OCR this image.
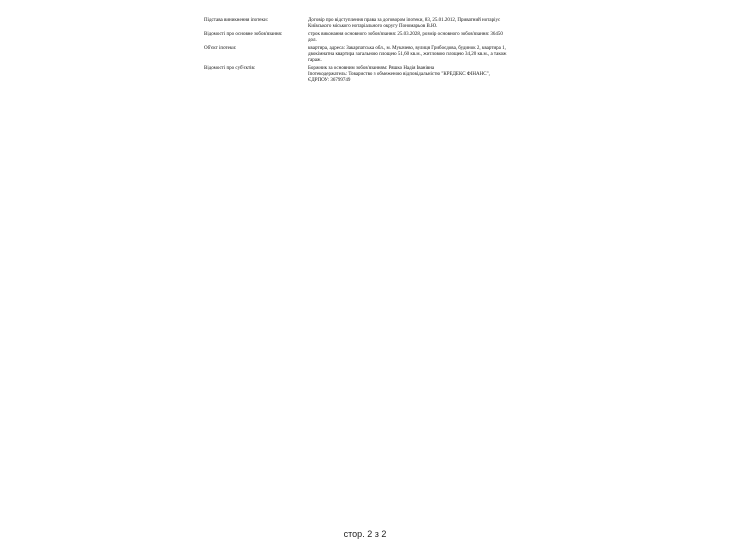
Підстава виникнення іпотеки:	Договір про відступлення права за договором іпотеки, 83, 25.01.2012, Приватний нотаріус
Київського міського нотаріального округу Пономарьов В.Ю.
Відомості про основне зобов'язання:	строк виконання основного зобов'язання: 25.03.2028, розмір основного зобов'язання: 36450
дол.
Об'єкт іпотеки:	квартира, адреса: Закарпатська обл., м. Мукачево, вулиця Грибоєдова, будинок 2, квартира 1,
двокімнатна квартира загальною площею 51,60 кв.м., житловою площею 34,20 кв.м., а також
гараж.
Відомості про суб'єктів:	Боржник за основним зобов'язанням: Ряшко Надія Іванівна
Іпотекодержатель: Товариство з обмеженою відповідальністю "КРЕДЕКС ФІНАНС",
ЄДРПОУ: 36799749
стор. 2 з 2
